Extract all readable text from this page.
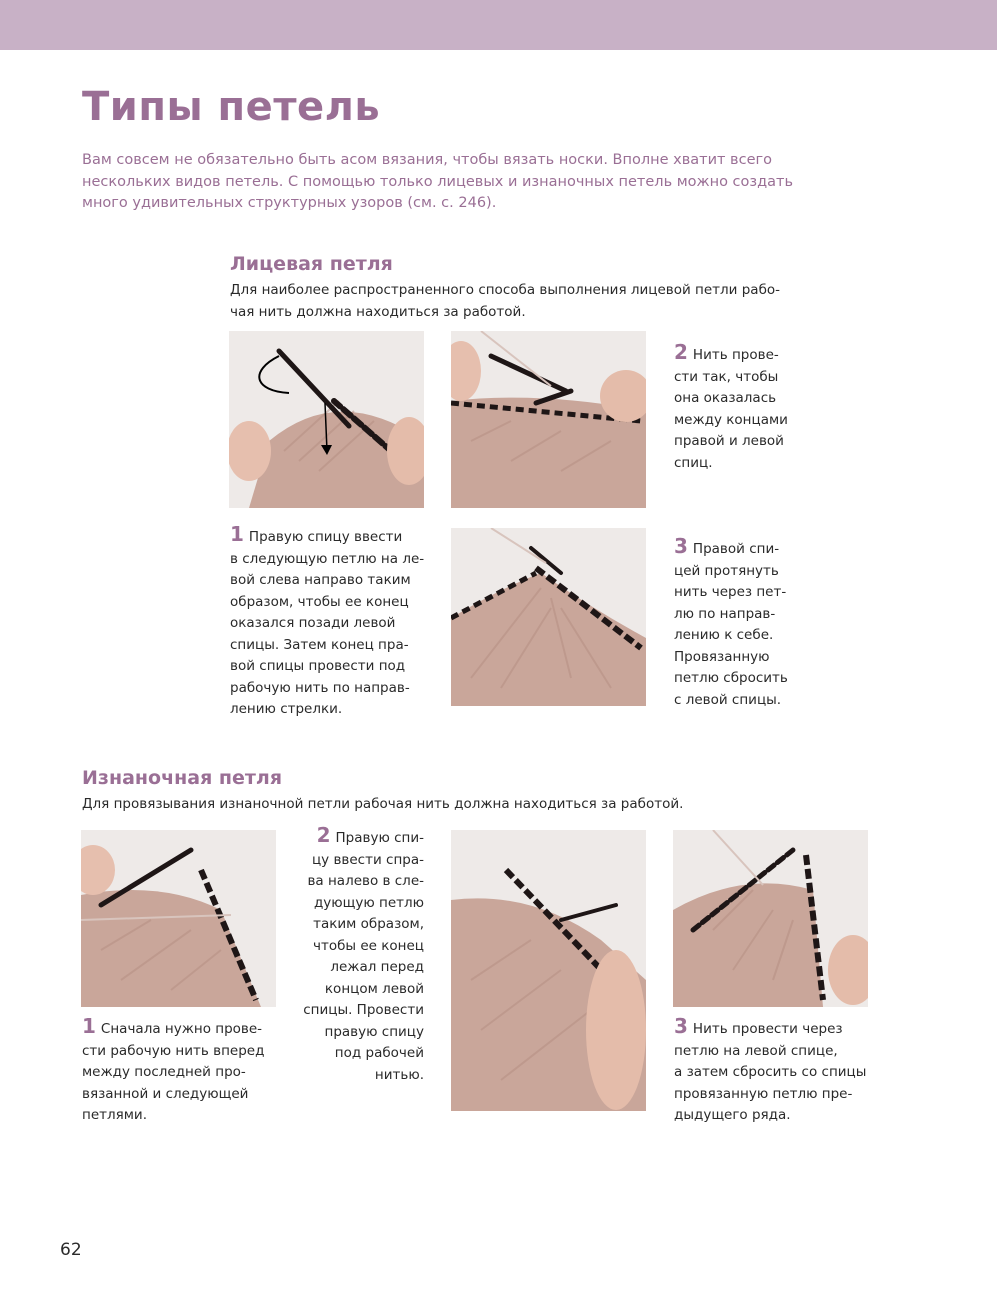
Типы петель

Вам совсем не обязательно быть асом вязания, чтобы вязать носки. Вполне хватит всего нескольких видов петель. С помощью только лицевых и изнаночных петель можно создать много удивительных структурных узоров (см. с. 246).

Лицевая петля

Для наиболее распространенного способа выполнения лицевой петли рабо-
чая нить должна находиться за работой.

2 Нить прове-
сти так, чтобы
она оказалась
между концами
правой и левой
спиц.

1 Правую спицу ввести
в следующую петлю на ле-
вой слева направо таким
образом, чтобы ее конец
оказался позади левой
спицы. Затем конец пра-
вой спицы провести под
рабочую нить по направ-
лению стрелки.

3 Правой спи-
цей протянуть
нить через пет-
лю по направ-
лению к себе.
Провязанную
петлю сбросить
с левой спицы.

Изнаночная петля

Для провязывания изнаночной петли рабочая нить должна находиться за работой.

1 Сначала нужно прове-
сти рабочую нить вперед
между последней про-
вязанной и следующей
петлями.

2 Правую спи-
цу ввести спра-
ва налево в сле-
дующую петлю
таким образом,
чтобы ее конец
лежал перед
концом левой
спицы. Провести
правую спицу
под рабочей
нитью.

3 Нить провести через
петлю на левой спице,
а затем сбросить со спицы
провязанную петлю пре-
дыдущего ряда.

62
